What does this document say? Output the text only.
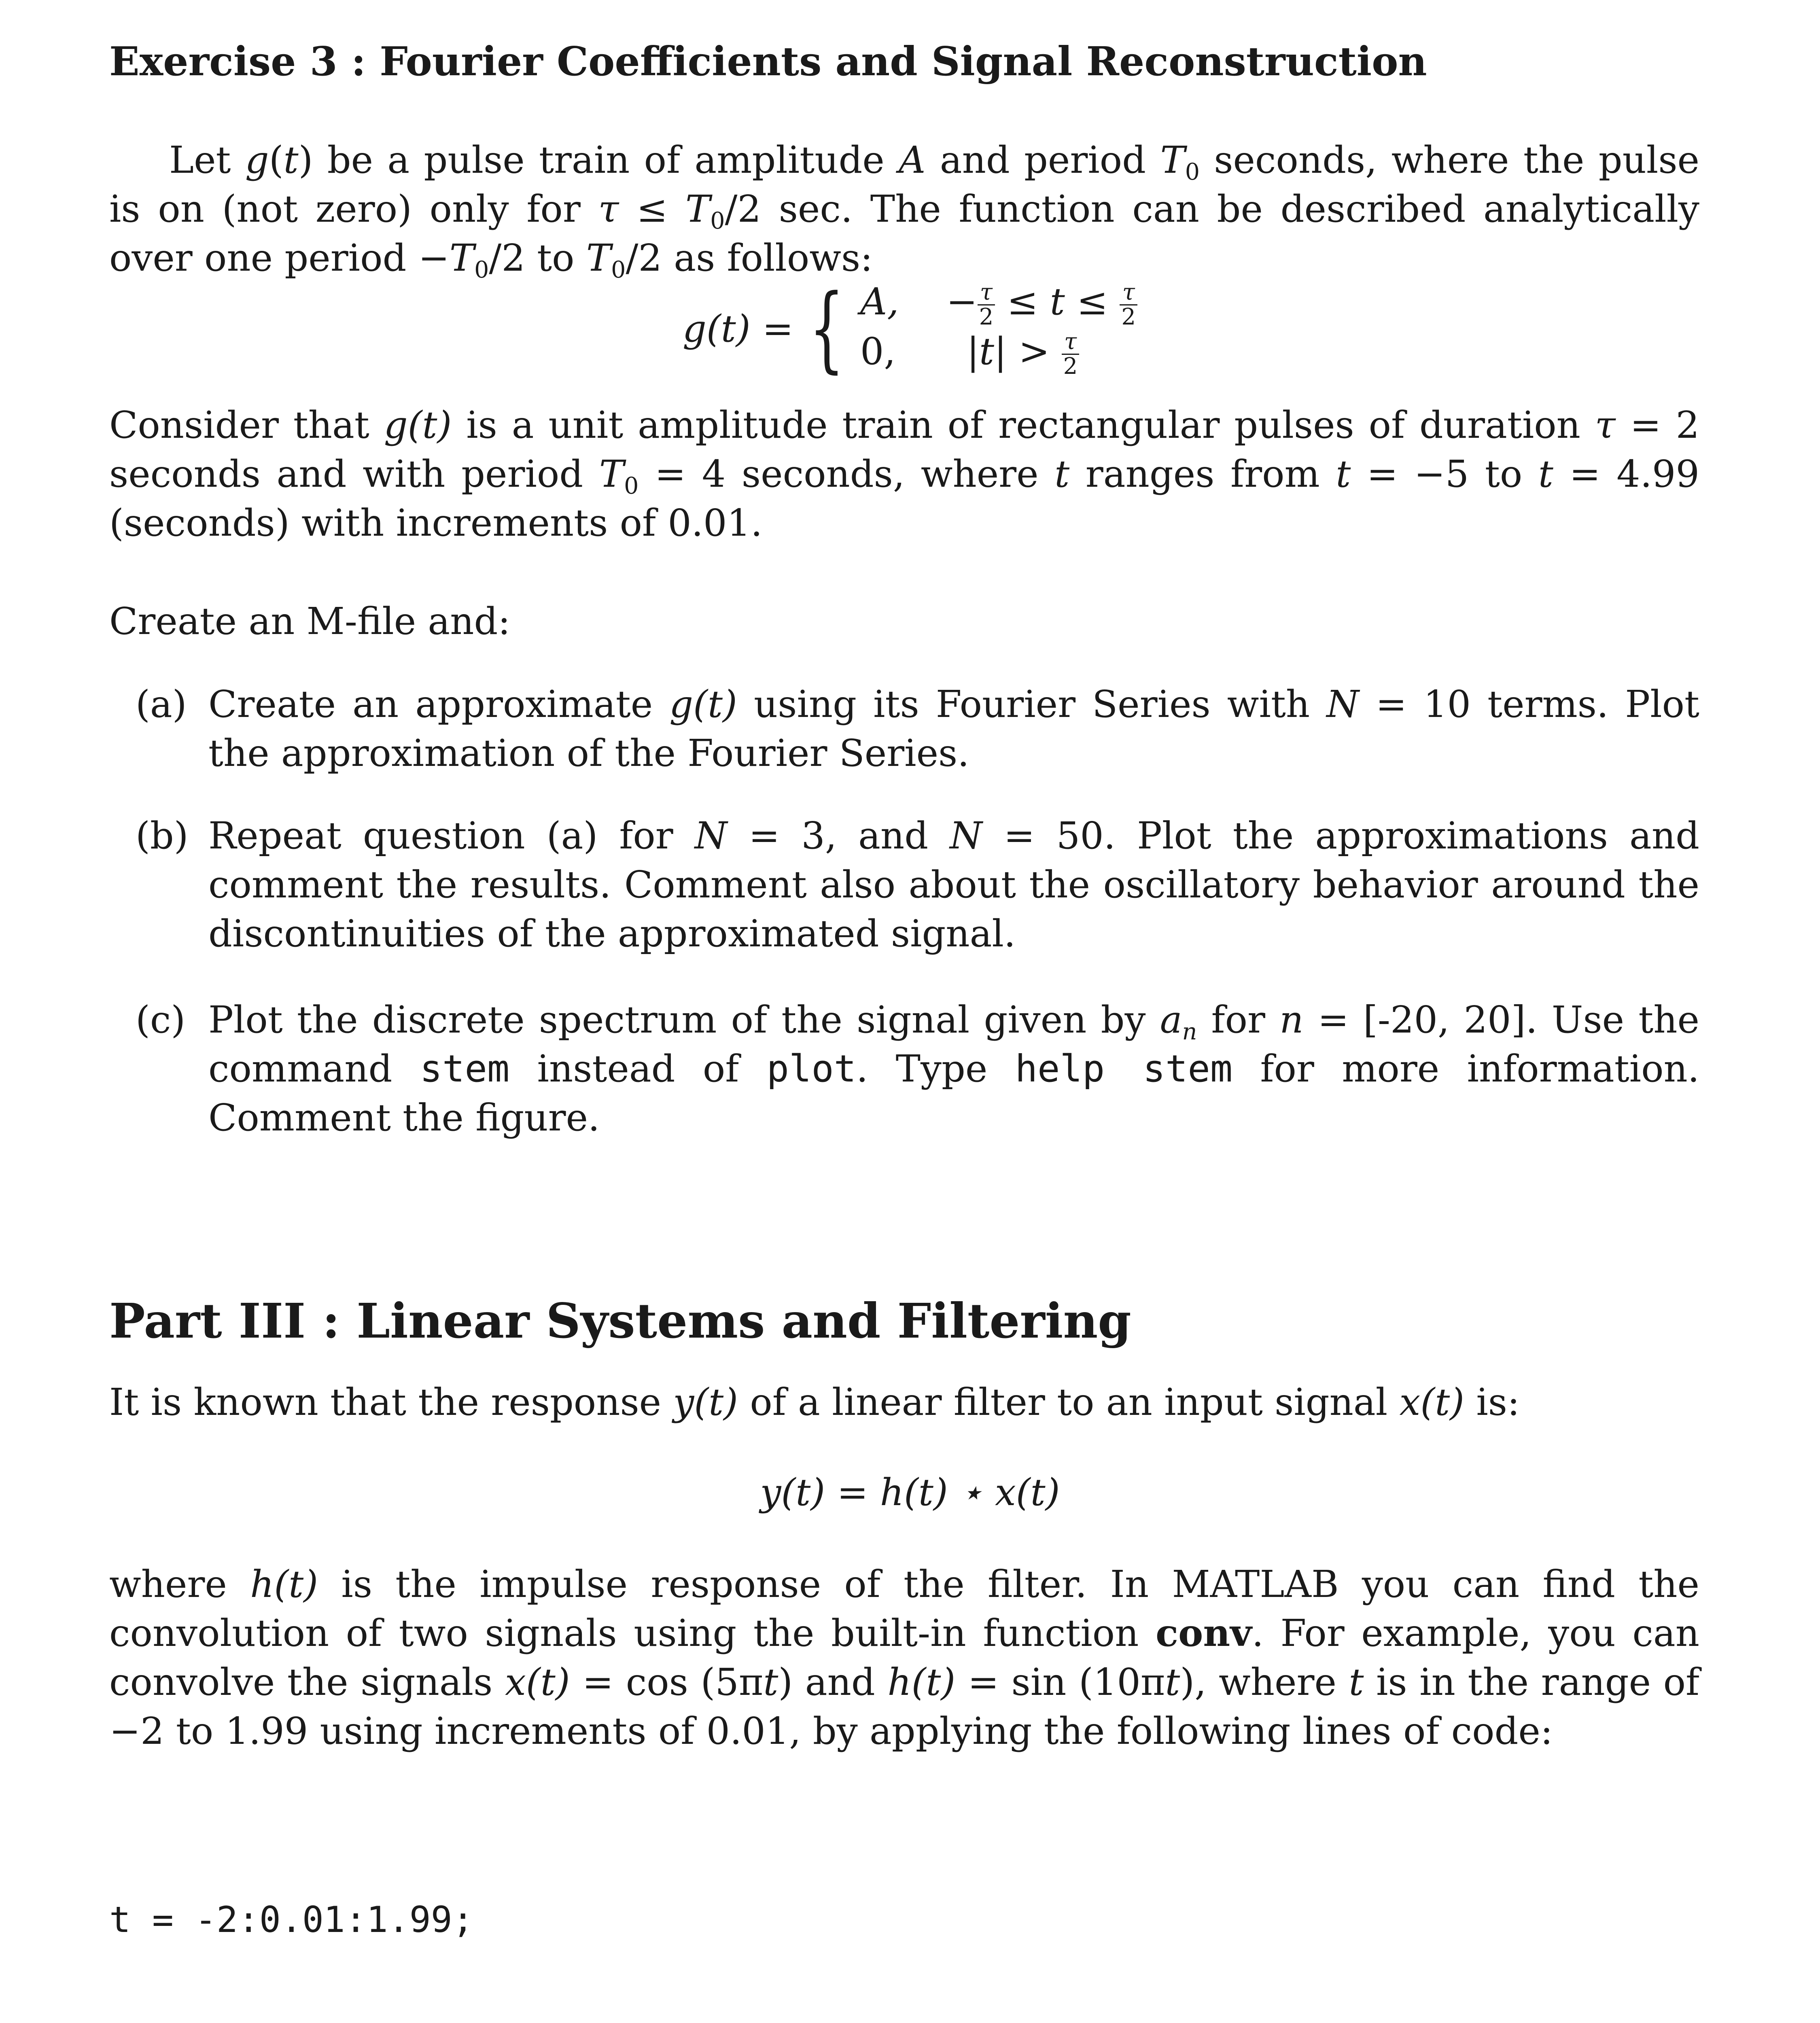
Exercise 3 : Fourier Coefficients and Signal Reconstruction
Let g(t) be a pulse train of amplitude A and period $T_0$ seconds, where the pulse is on (not zero) only for $\tau \le T_0/2$ sec. The function can be described analytically over one period $-T_0/2$ to $T_0/2$ as follows:
g(t) = { A, − $\frac{\tau}{2} \le t \le \frac{\tau}{2}$
0, $|t| > \frac{\tau}{2}$
Consider that g(t) is a unit amplitude train of rectangular pulses of duration τ = 2 seconds and with period $T_0 = 4$ seconds, where t ranges from t = −5 to t = 4.99 (seconds) with increments of 0.01.
Create an M-file and:
(a) Create an approximate g(t) using its Fourier Series with N = 10 terms. Plot the approximation of the Fourier Series.
(b) Repeat question (a) for N = 3, and N = 50. Plot the approximations and comment the results. Comment also about the oscillatory behavior around the discontinuities of the approximated signal.
(c) Plot the discrete spectrum of the signal given by $a_n$ for n = [-20, 20]. Use the command stem instead of plot. Type help stem for more information. Comment the figure.
Part III : Linear Systems and Filtering
It is known that the response y(t) of a linear filter to an input signal x(t) is:
y(t) = h(t) ⋆ x(t)
where h(t) is the impulse response of the filter. In MATLAB you can find the convolution of two signals using the built-in function conv. For example, you can convolve the signals x(t) = cos (5πt) and h(t) = sin (10πt), where t is in the range of −2 to 1.99 using increments of 0.01, by applying the following lines of code:

t = -2:0.01:1.99;
